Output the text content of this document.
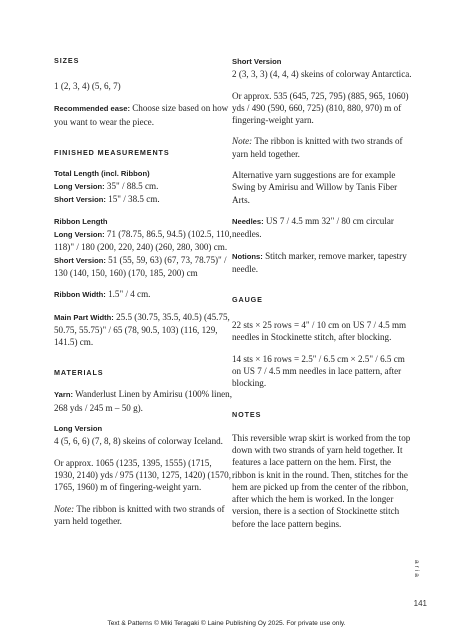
SIZES

1 (2, 3, 4) (5, 6, 7)

Recommended ease: Choose size based on how you want to wear the piece.

FINISHED MEASUREMENTS

Total Length (incl. Ribbon)

Long Version: 35" / 88.5 cm.

Short Version: 15" / 38.5 cm.

Ribbon Length

Long Version: 71 (78.75, 86.5, 94.5) (102.5, 110, 118)" / 180 (200, 220, 240) (260, 280, 300) cm.

Short Version: 51 (55, 59, 63) (67, 73, 78.75)" / 130 (140, 150, 160) (170, 185, 200) cm

Ribbon Width: 1.5" / 4 cm.

Main Part Width: 25.5 (30.75, 35.5, 40.5) (45.75, 50.75, 55.75)" / 65 (78, 90.5, 103) (116, 129, 141.5) cm.

MATERIALS

Yarn: Wanderlust Linen by Amirisu (100% linen, 268 yds / 245 m – 50 g).

Long Version

4 (5, 6, 6) (7, 8, 8) skeins of colorway Iceland.

Or approx. 1065 (1235, 1395, 1555) (1715, 1930, 2140) yds / 975 (1130, 1275, 1420) (1570, 1765, 1960) m of fingering-weight yarn.

Note: The ribbon is knitted with two strands of yarn held together.

Short Version

2 (3, 3, 3) (4, 4, 4) skeins of colorway Antarctica.

Or approx. 535 (645, 725, 795) (885, 965, 1060) yds / 490 (590, 660, 725) (810, 880, 970) m of fingering-weight yarn.

Note: The ribbon is knitted with two strands of yarn held together.

Alternative yarn suggestions are for example Swing by Amirisu and Willow by Tanis Fiber Arts.

Needles: US 7 / 4.5 mm 32" / 80 cm circular needles.

Notions: Stitch marker, remove marker, tapestry needle.

GAUGE

22 sts × 25 rows = 4" / 10 cm on US 7 / 4.5 mm needles in Stockinette stitch, after blocking.

14 sts × 16 rows = 2.5" / 6.5 cm × 2.5" / 6.5 cm on US 7 / 4.5 mm needles in lace pattern, after blocking.

NOTES

This reversible wrap skirt is worked from the top down with two strands of yarn held together. It features a lace pattern on the hem. First, the ribbon is knit in the round. Then, stitches for the hem are picked up from the center of the ribbon, after which the hem is worked. In the longer version, there is a section of Stockinette stitch before the lace pattern begins.

aria
141
Text & Patterns © Miki Teragaki © Laine Publishing Oy 2025. For private use only.
